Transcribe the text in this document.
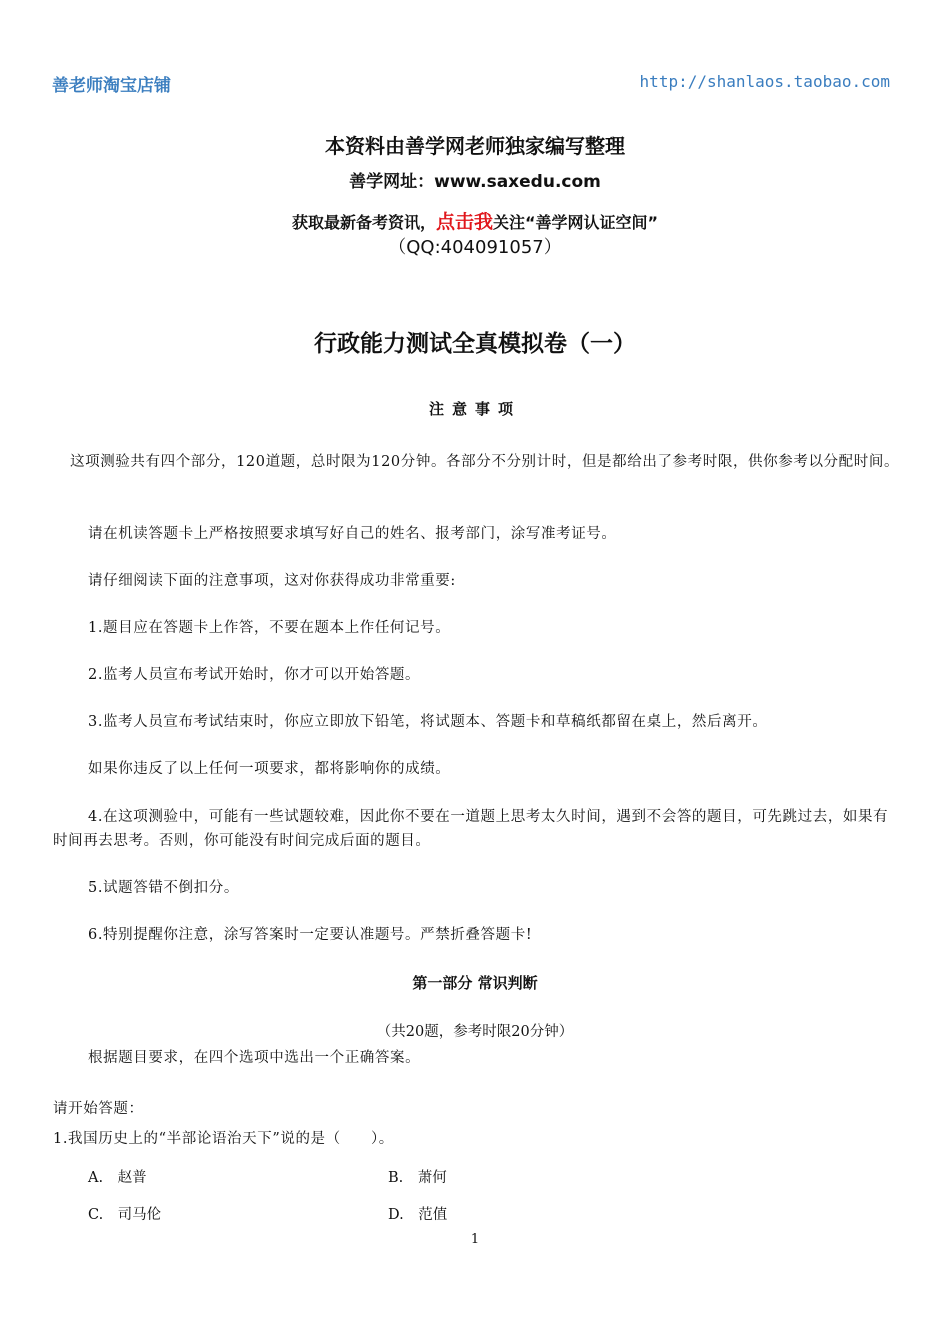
善老师淘宝店铺	http://shanlaos.taobao.com
本资料由善学网老师独家编写整理
善学网址：www.saxedu.com
获取最新备考资讯，点击我关注“善学网认证空间”
（QQ:404091057）
行政能力测试全真模拟卷（一）
注意事项
这项测验共有四个部分，120道题，总时限为120分钟。各部分不分别计时，但是都给出了参考时限，供你参考以分配时间。
请在机读答题卡上严格按照要求填写好自己的姓名、报考部门，涂写准考证号。
请仔细阅读下面的注意事项，这对你获得成功非常重要:
1.题目应在答题卡上作答，不要在题本上作任何记号。
2.监考人员宣布考试开始时，你才可以开始答题。
3.监考人员宣布考试结束时，你应立即放下铅笔，将试题本、答题卡和草稿纸都留在桌上，然后离开。
如果你违反了以上任何一项要求，都将影响你的成绩。
4.在这项测验中，可能有一些试题较难，因此你不要在一道题上思考太久时间，遇到不会答的题目，可先跳过去，如果有时间再去思考。否则，你可能没有时间完成后面的题目。
5.试题答错不倒扣分。
6.特别提醒你注意，涂写答案时一定要认准题号。严禁折叠答题卡!
第一部分 常识判断
（共20题，参考时限20分钟）
根据题目要求，在四个选项中选出一个正确答案。
请开始答题：
1.我国历史上的“半部论语治天下”说的是（　　）。
A.　赵普	B.　萧何
C.　司马伦	D.　范值
1
